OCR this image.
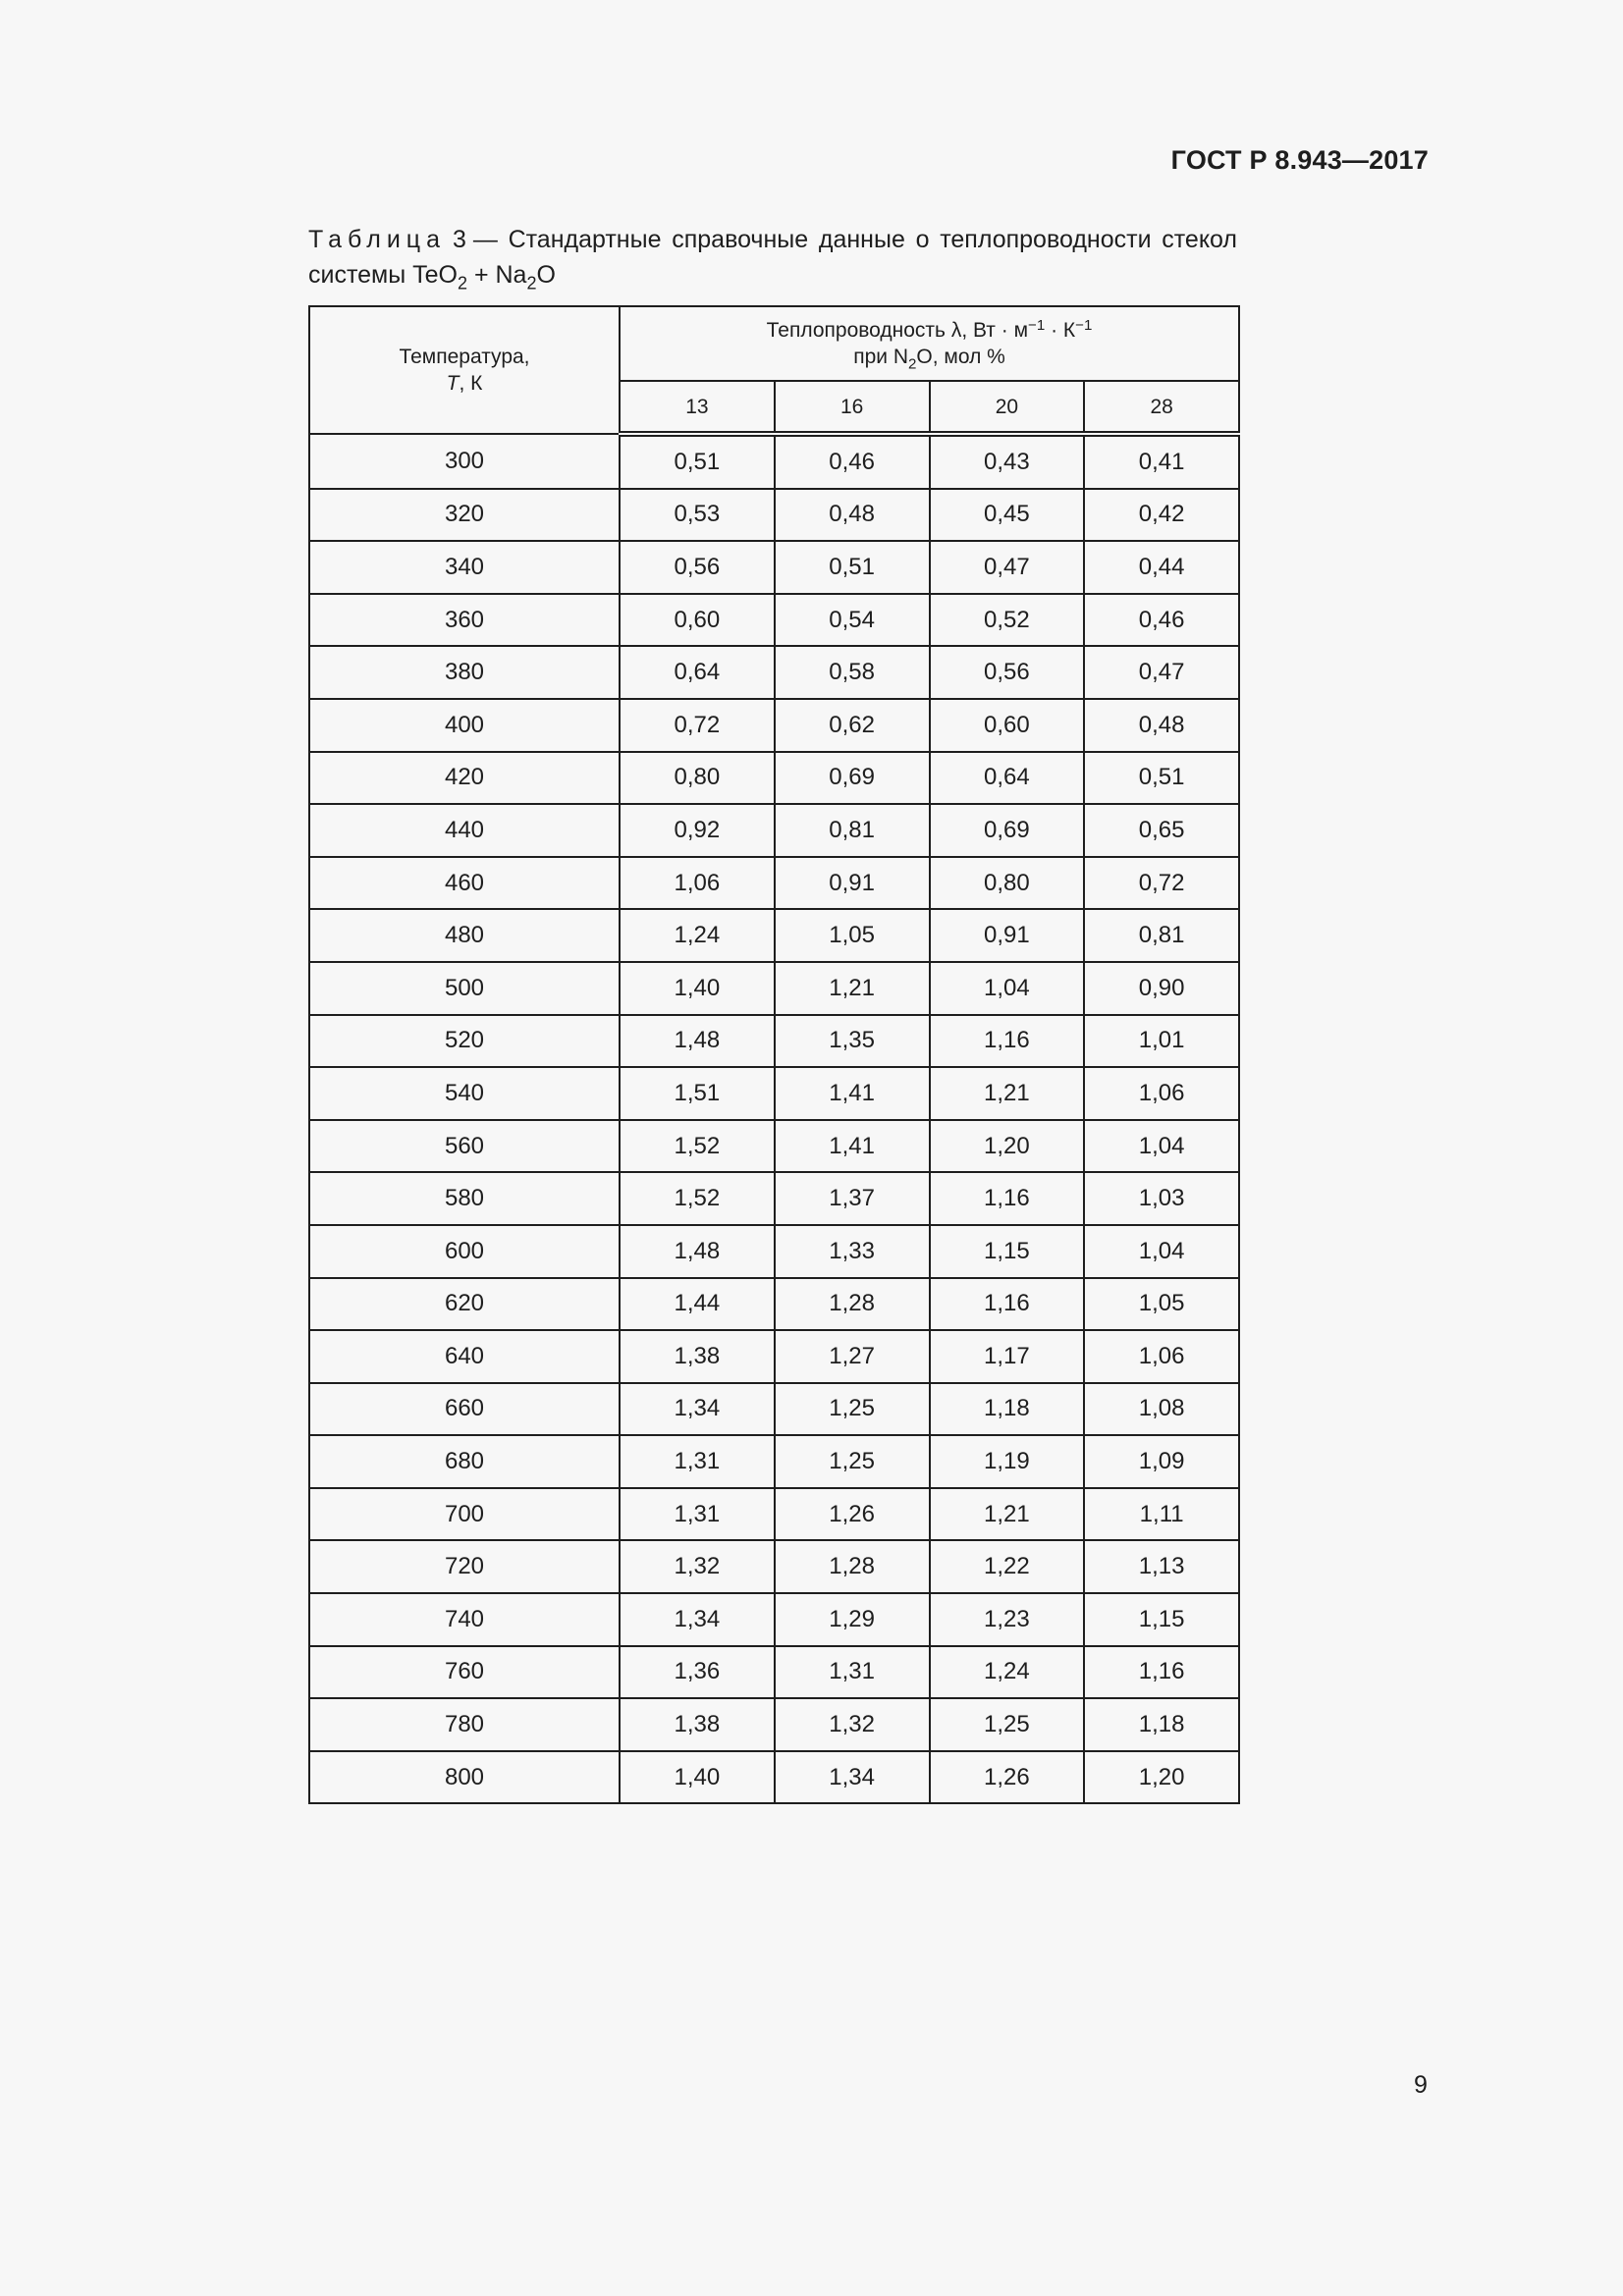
ГОСТ Р 8.943—2017
Таблица 3 — Стандартные справочные данные о теплопроводности стекол
системы $TeO_2 + Na_2O$
Температура,
T, К	Теплопроводность λ, Вт · $м^{-1} \cdot К^{-1}$
при $N_2O$, мол %			

	13	16	20	28
300	0,51	0,46	0,43	0,41
320	0,53	0,48	0,45	0,42
340	0,56	0,51	0,47	0,44
360	0,60	0,54	0,52	0,46
380	0,64	0,58	0,56	0,47
400	0,72	0,62	0,60	0,48
420	0,80	0,69	0,64	0,51
440	0,92	0,81	0,69	0,65
460	1,06	0,91	0,80	0,72
480	1,24	1,05	0,91	0,81
500	1,40	1,21	1,04	0,90
520	1,48	1,35	1,16	1,01
540	1,51	1,41	1,21	1,06
560	1,52	1,41	1,20	1,04
580	1,52	1,37	1,16	1,03
600	1,48	1,33	1,15	1,04
620	1,44	1,28	1,16	1,05
640	1,38	1,27	1,17	1,06
660	1,34	1,25	1,18	1,08
680	1,31	1,25	1,19	1,09
700	1,31	1,26	1,21	1,11
720	1,32	1,28	1,22	1,13
740	1,34	1,29	1,23	1,15
760	1,36	1,31	1,24	1,16
780	1,38	1,32	1,25	1,18
800	1,40	1,34	1,26	1,20
9
